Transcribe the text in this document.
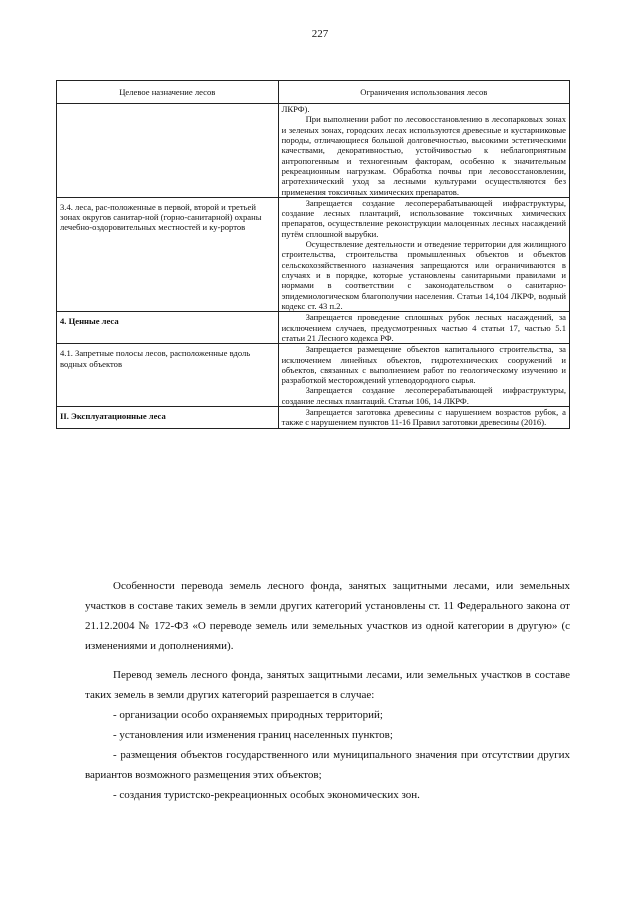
227
Целевое назначение лесов	Ограничения использования лесов

	ЛКРФ).
При выполнении работ по лесовосстановлению в лесопарковых зонах и зеленых зонах, городских лесах используются древесные и кустарниковые породы, отличающиеся большой долговечностью, высокими эстетическими качествами, декоративностью, устойчивостью к неблагоприятным антропогенным и техногенным факторам, особенно к значительным рекреационным нагрузкам. Обработка почвы при лесовосстановлении, агротехнический уход за лесными культурами осуществляются без применения токсичных химических препаратов.

3.4. леса, рас-положенные в первой, второй и третьей зонах округов санитар-ной (горно-санитарной) охраны лечебно-оздоровительных местностей и ку-рортов	Запрещается создание лесоперерабатывающей инфраструктуры, создание лесных плантаций, использование токсичных химических препаратов, осуществление реконструкции малоценных лесных насаждений путём сплошной вырубки.
Осуществление деятельности и отведение территории для жилищного строительства, строительства промышленных объектов и объектов сельскохозяйственного назначения запрещаются или ограничиваются в случаях и в порядке, которые установлены санитарными правилами и нормами в соответствии с законодательством о санитарно-эпидемиологическом благополучии населения. Статьи 14,104 ЛКРФ, водный кодекс ст. 43 п.2.

4. Ценные леса	Запрещается проведение сплошных рубок лесных насаждений, за исключением случаев, предусмотренных частью 4 статьи 17, частью 5.1 статьи 21 Лесного кодекса РФ.

4.1. Запретные полосы лесов, расположенные вдоль водных объектов	Запрещается размещение объектов капитального строительства, за исключением линейных объектов, гидротехнических сооружений и объектов, связанных с выполнением работ по геологическому изучению и разработкой месторождений углеводородного сырья.
Запрещается создание лесоперерабатывающей инфраструктуры, создание лесных плантаций. Статьи 106, 14 ЛКРФ.

II. Эксплуатационные леса	Запрещается заготовка древесины с нарушением возрастов рубок, а также с нарушением пунктов 11-16 Правил заготовки древесины (2016).

Особенности перевода земель лесного фонда, занятых защитными лесами, или земельных участков в составе таких земель в земли других категорий установлены ст. 11 Федерального закона от 21.12.2004 № 172-ФЗ «О переводе земель или земельных участков из одной категории в другую» (с изменениями и дополнениями).

Перевод земель лесного фонда, занятых защитными лесами, или земельных участков в составе таких земель в земли других категорий разрешается в случае:

- организации особо охраняемых природных территорий;

- установления или изменения границ населенных пунктов;

- размещения объектов государственного или муниципального значения при отсутствии других вариантов возможного размещения этих объектов;

- создания туристско-рекреационных особых экономических зон.
